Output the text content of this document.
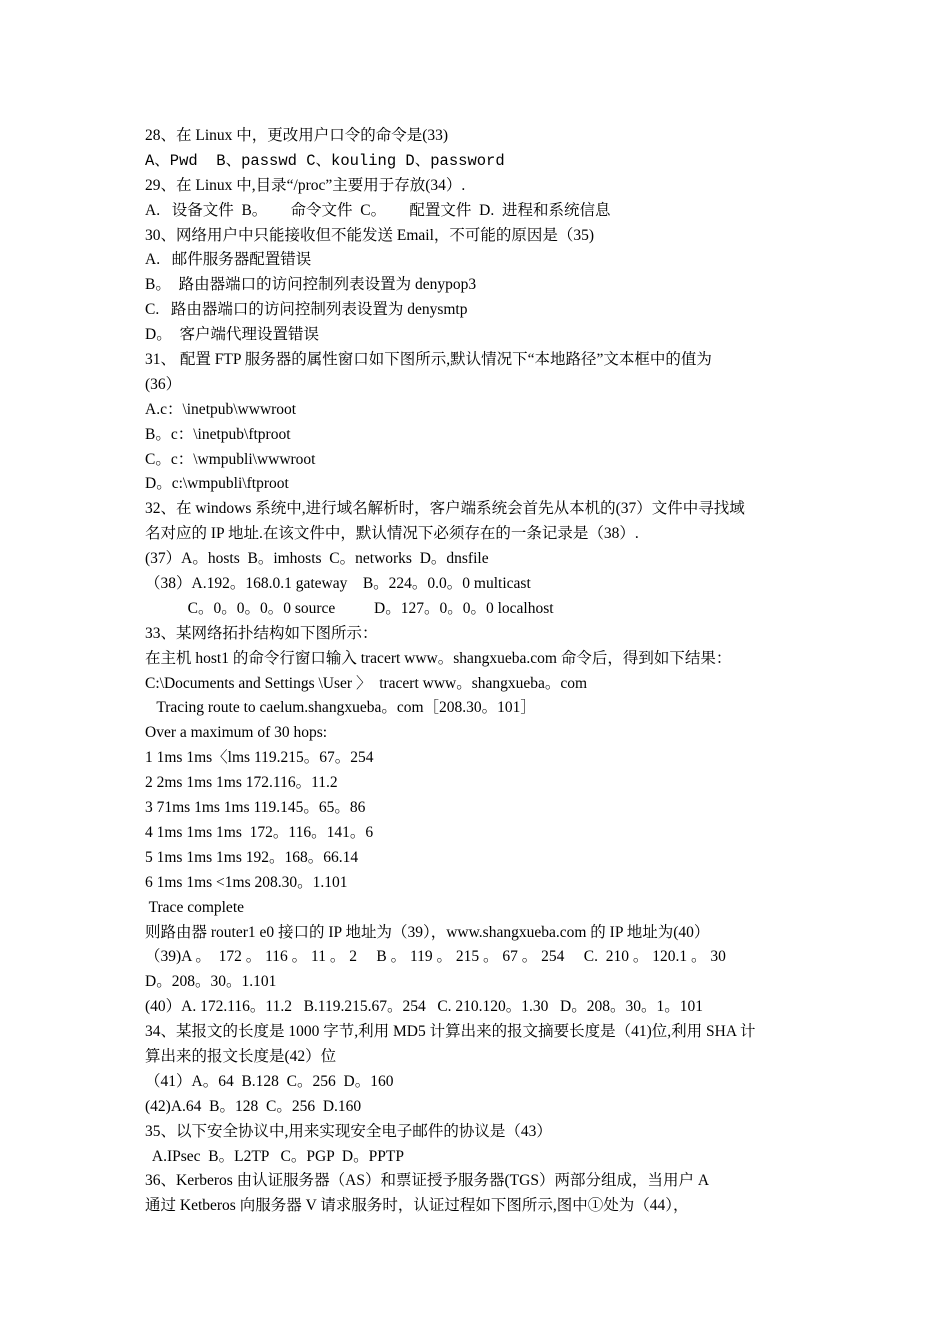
28、在 Linux 中，更改用户口令的命令是(33)
A、Pwd  B、passwd C、kouling D、password
29、在 Linux 中,目录“/proc”主要用于存放(34）.
A.   设备文件  B。      命令文件  C。      配置文件  D.  进程和系统信息
30、网络用户中只能接收但不能发送 Email，不可能的原因是（35)
A.   邮件服务器配置错误
B。  路由器端口的访问控制列表设置为 denypop3
C.   路由器端口的访问控制列表设置为 denysmtp
D。  客户端代理设置错误
31、 配置 FTP 服务器的属性窗口如下图所示,默认情况下“本地路径”文本框中的值为
(36）
A.c：\inetpub\wwwroot
B。c：\inetpub\ftproot
C。c：\wmpubli\wwwroot
D。c:\wmpubli\ftproot
32、在 windows 系统中,进行域名解析时，客户端系统会首先从本机的(37）文件中寻找域
名对应的 IP 地址.在该文件中，默认情况下必须存在的一条记录是（38）.
(37）A。hosts  B。imhosts  C。networks  D。dnsfile
（38）A.192。168.0.1 gateway    B。224。0.0。0 multicast
C。0。0。0。0 source          D。127。0。0。0 localhost
33、某网络拓扑结构如下图所示：
在主机 host1 的命令行窗口输入 tracert www。shangxueba.com 命令后，得到如下结果：
C:\Documents and Settings \User 〉  tracert www。shangxueba。com
Tracing route to caelum.shangxueba。com［208.30。101］
Over a maximum of 30 hops:
1 1ms 1ms〈lms 119.215。67。254
2 2ms 1ms 1ms 172.116。11.2
3 71ms 1ms 1ms 119.145。65。86
4 1ms 1ms 1ms  172。116。141。6
5 1ms 1ms 1ms 192。168。66.14
6 1ms 1ms <1ms 208.30。1.101
Trace complete
则路由器 router1 e0 接口的 IP 地址为（39），www.shangxueba.com 的 IP 地址为(40）
（39)A 。  172 。 116 。 11 。 2     B 。 119 。 215 。 67 。 254     C.  210 。 120.1 。 30
D。208。30。1.101
(40）A. 172.116。11.2   B.119.215.67。254   C. 210.120。1.30   D。208。30。1。101
34、某报文的长度是 1000 字节,利用 MD5 计算出来的报文摘要长度是（41)位,利用 SHA 计
算出来的报文长度是(42）位
（41）A。64  B.128  C。256  D。160
(42)A.64  B。128  C。256  D.160
35、以下安全协议中,用来实现安全电子邮件的协议是（43）
A.IPsec  B。L2TP   C。PGP  D。PPTP
36、Kerberos 由认证服务器（AS）和票证授予服务器(TGS）两部分组成，当用户 A
通过 Ketberos 向服务器 V 请求服务时，认证过程如下图所示,图中①处为（44），
